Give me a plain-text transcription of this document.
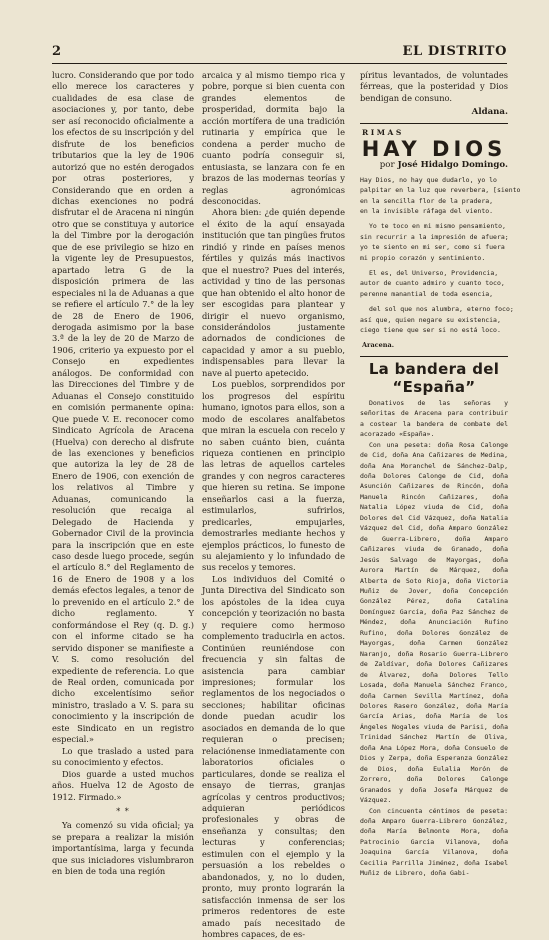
2	EL DISTRITO

lucro. Considerando que por todo ello merece los caracteres y cualidades de esa clase de asociaciones y, por tanto, debe ser así reconocido oficialmente a los efectos de su inscripción y del disfrute de los beneficios tributarios que la ley de 1906 autorizó que no estén derogados por otras posteriores, y Considerando que en orden a dichas exenciones no podrá disfrutar el de Aracena ni ningún otro que se constituya y autorice la del Timbre por la derogación que de ese privilegio se hizo en la vigente ley de Presupuestos, apartado letra G de la disposición primera de las especiales ni la de Aduanas a que se refiere el artículo 7.° de la ley de 28 de Enero de 1906, derogada asimismo por la base 3.ª de la ley de 20 de Marzo de 1906, criterio ya expuesto por el Consejo en expedientes análogos. De conformidad con las Direcciones del Timbre y de Aduanas el Consejo constituido en comisión permanente opina: Que puede V. E. reconocer como Sindicato Agrícola de Aracena (Huelva) con derecho al disfrute de las exenciones y beneficios que autoriza la ley de 28 de Enero de 1906, con exención de los relativos al Timbre y Aduanas, comunicando la resolución que recaiga al Delegado de Hacienda y Gobernador Civil de la provincia para la inscripción que en este caso desde luego procede, según el artículo 8.° del Reglamento de 16 de Enero de 1908 y a los demás efectos legales, a tenor de lo prevenido en el artículo 2.° de dicho reglamento. Y conformándose el Rey (q. D. g.) con el informe citado se ha servido disponer se manifieste a V. S. como resolución del expediente de referencia. Lo que de Real orden, comunicada por dicho excelentísimo señor ministro, traslado a V. S. para su conocimiento y la inscripción de este Sindicato en un registro especial.»

Lo que traslado a usted para su conocimiento y efectos.

Dios guarde a usted muchos años. Huelva 12 de Agosto de 1912. Firmado.»

* *

Ya comenzó su vida oficial; ya se prepara a realizar la misión importantísima, larga y fecunda que sus iniciadores vislumbraron en bien de toda una región

arcaica y al mismo tiempo rica y pobre, porque si bien cuenta con grandes elementos de prosperidad, dormita bajo la acción mortífera de una tradición rutinaria y empírica que le condena a perder mucho de cuanto podría conseguir si, entusiasta, se lanzara con fe en brazos de las modernas teorías y reglas agronómicas desconocidas.

Ahora bien: ¿de quién depende el éxito de la aquí ensayada institución que tan pingües frutos rindió y rinde en países menos fértiles y quizás más inactivos que el nuestro? Pues del interés, actividad y tino de las personas que han obtenido el alto honor de ser escogidas para plantear y dirigir el nuevo organismo, considerándolos justamente adornados de condiciones de capacidad y amor a su pueblo, indispensables para llevar la nave al puerto apetecido.

Los pueblos, sorprendidos por los progresos del espíritu humano, ignotos para ellos, son a modo de escolares analfabetos que miran la escuela con recelo y no saben cuánto bien, cuánta riqueza contienen en principio las letras de aquellos carteles grandes y con negros caracteres que hieren su retina. Se impone enseñarlos casi a la fuerza, estimularlos, sufrirlos, predicarles, empujarles, demostrarles mediante hechos y ejemplos prácticos, lo funesto de su alejamiento y lo infundado de sus recelos y temores.

Los individuos del Comité o Junta Directiva del Sindicato son los apóstoles de la idea cuya concepción y teorización no basta y requiere como hermoso complemento traducirla en actos. Continúen reuniéndose con frecuencia y sin faltas de asistencia para cambiar impresiones; formular los reglamentos de los negociados o secciones; habilitar oficinas donde puedan acudir los asociados en demanda de lo que requieran o precisen; relaciónense inmediatamente con laboratorios oficiales o particulares, donde se realiza el ensayo de tierras, granjas agrícolas y centros productivos; adquieran periódicos profesionales y obras de enseñanza y consultas; den lecturas y conferencias; estimulen con el ejemplo y la persuasión a los rebeldes o abandonados, y, no lo duden, pronto, muy pronto lograrán la satisfacción inmensa de ser los primeros redentores de este amado país necesitado de hombres capaces, de es-

píritus levantados, de voluntades férreas, que la posteridad y Dios bendigan de consuno.

Aldana.
RIMAS
HAY DIOS
por José Hidalgo Domingo.
Hay Dios, no hay que dudarlo, yo lo
palpitar en la luz que reverbera, [siento
en la sencilla flor de la pradera,
en la invisible ráfaga del viento.
Yo te toco en mi mismo pensamiento,
sin recurrir a la impresión de afuera;
yo te siento en mi ser, como si fuera
mi propio corazón y sentimiento.
El es, del Universo, Providencia,
autor de cuanto admiro y cuanto toco,
perenne manantial de toda esencia,
del sol que nos alumbra, eterno foco;
así que, quien negare su existencia,
ciego tiene que ser si no está loco.
Aracena.
La bandera del “España”

Donativos de las señoras y señoritas de Aracena para contribuir a costear la bandera de combate del acorazado «España».

Con una peseta: doña Rosa Calonge de Cid, doña Ana Cañizares de Medina, doña Ana Moranchel de Sánchez-Dalp, doña Dolores Calonge de Cid, doña Asunción Cañizares de Rincón, doña Manuela Rincón Cañizares, doña Natalia López viuda de Cid, doña Dolores del Cid Vázquez, doña Natalia Vázquez del Cid, doña Amparo González de Guerra-Librero, doña Amparo Cañizares viuda de Granado, doña Jesús Salvago de Mayorgas, doña Aurora Martín de Márquez, doña Alberta de Soto Rioja, doña Victoria Muñiz de Jover, doña Concepción González Pérez, doña Catalina Domínguez García, doña Paz Sánchez de Méndez, doña Anunciación Rufino Rufino, doña Dolores González de Mayorgas, doña Carmen González Naranjo, doña Rosario Guerra-Librero de Zaldívar, doña Dolores Cañizares de Álvarez, doña Dolores Tello Losada, doña Manuela Sánchez Franco, doña Carmen Sevilla Martínez, doña Dolores Rasero González, doña María García Arias, doña María de los Ángeles Nogales viuda de Parisi, doña Trinidad Sánchez Martín de Oliva, doña Ana López Mora, doña Consuelo de Dios y Zerpa, doña Esperanza González de Dios, doña Eulalia Morón de Zorrero, doña Dolores Calonge Granados y doña Josefa Márquez de Vázquez.

Con cincuenta céntimos de peseta: doña Amparo Guerra-Librero González, doña María Belmonte Mora, doña Patrocinio García Vilanova, doña Joaquina García Vilanova, doña Cecilia Parrilla Jiménez, doña Isabel Muñiz de Librero, doña Gabi-
